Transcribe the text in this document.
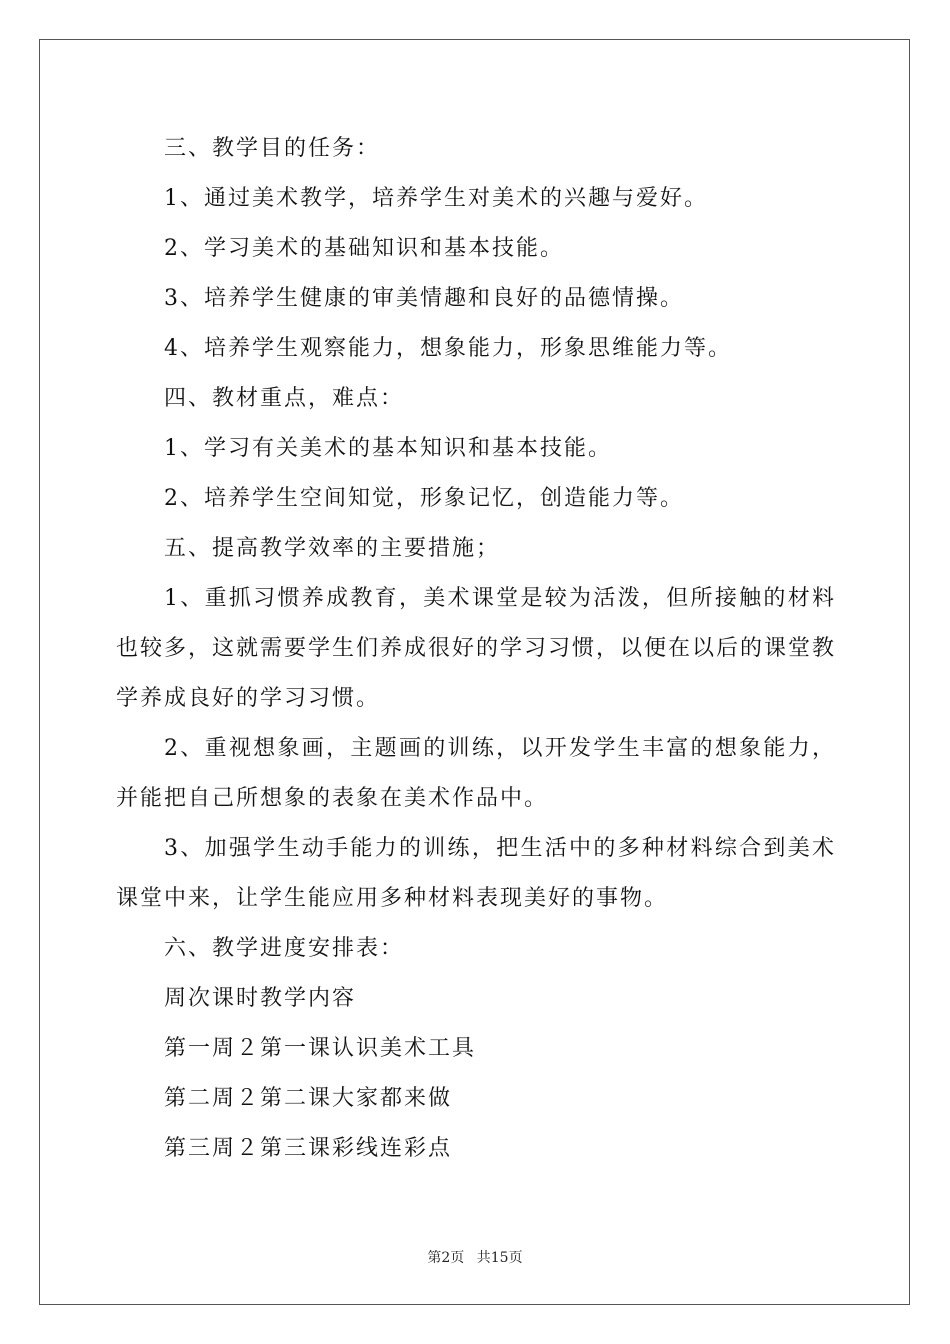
三、教学目的任务：
1、通过美术教学，培养学生对美术的兴趣与爱好。
2、学习美术的基础知识和基本技能。
3、培养学生健康的审美情趣和良好的品德情操。
4、培养学生观察能力，想象能力，形象思维能力等。
四、教材重点，难点：
1、学习有关美术的基本知识和基本技能。
2、培养学生空间知觉，形象记忆，创造能力等。
五、提高教学效率的主要措施；
1、重抓习惯养成教育，美术课堂是较为活泼，但所接触的材料也较多，这就需要学生们养成很好的学习习惯，以便在以后的课堂教学养成良好的学习习惯。
2、重视想象画，主题画的训练，以开发学生丰富的想象能力，并能把自己所想象的表象在美术作品中。
3、加强学生动手能力的训练，把生活中的多种材料综合到美术课堂中来，让学生能应用多种材料表现美好的事物。
六、教学进度安排表：
周次课时教学内容
第一周２第一课认识美术工具
第二周２第二课大家都来做
第三周２第三课彩线连彩点
第2页 共15页
